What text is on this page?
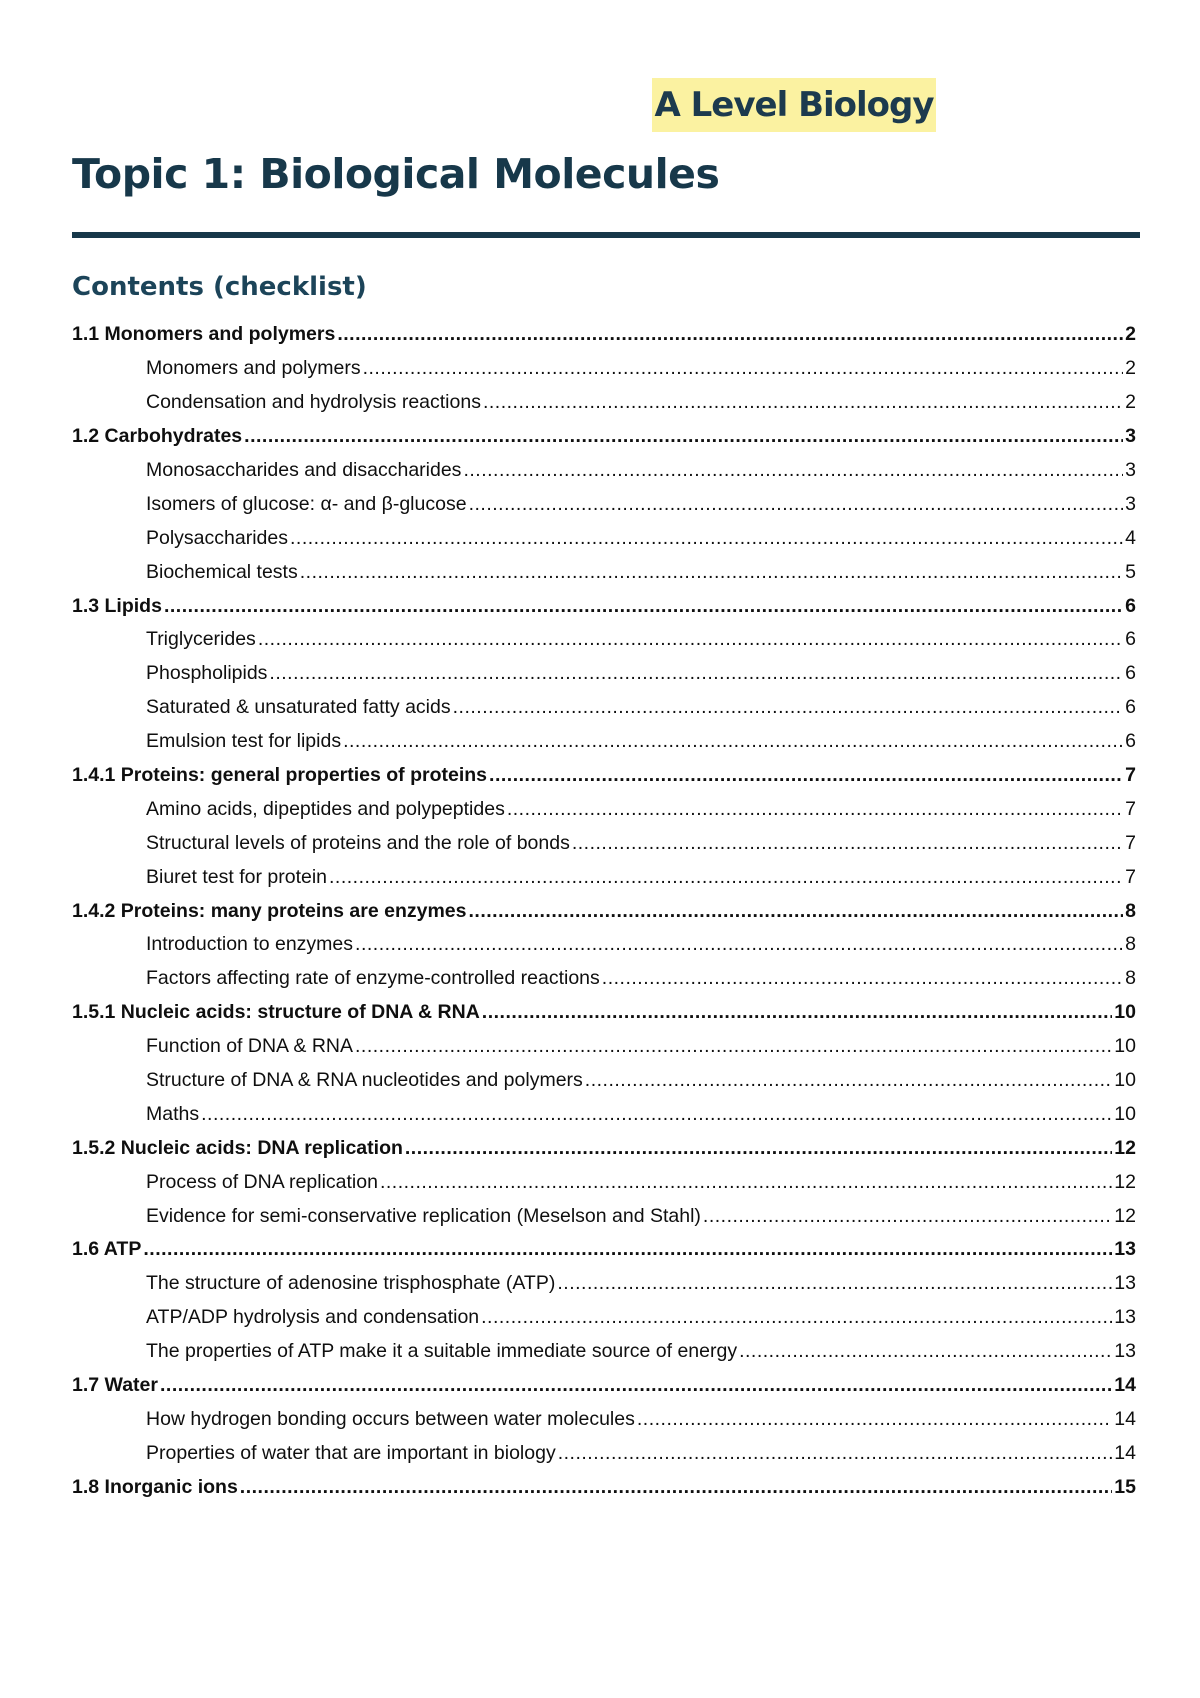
A Level Biology
Topic 1: Biological Molecules
Contents (checklist)
1.1 Monomers and polymers .....	2
Monomers and polymers .....	2
Condensation and hydrolysis reactions .....	2
1.2 Carbohydrates .....	3
Monosaccharides and disaccharides .....	3
Isomers of glucose: α- and β-glucose .....	3
Polysaccharides .....	4
Biochemical tests .....	5
1.3 Lipids .....	6
Triglycerides .....	6
Phospholipids .....	6
Saturated & unsaturated fatty acids .....	6
Emulsion test for lipids .....	6
1.4.1 Proteins: general properties of proteins .....	7
Amino acids, dipeptides and polypeptides .....	7
Structural levels of proteins and the role of bonds .....	7
Biuret test for protein .....	7
1.4.2 Proteins: many proteins are enzymes .....	8
Introduction to enzymes .....	8
Factors affecting rate of enzyme-controlled reactions .....	8
1.5.1 Nucleic acids: structure of DNA & RNA .....	10
Function of DNA & RNA .....	10
Structure of DNA & RNA nucleotides and polymers .....	10
Maths .....	10
1.5.2 Nucleic acids: DNA replication .....	12
Process of DNA replication .....	12
Evidence for semi-conservative replication (Meselson and Stahl) .....	12
1.6 ATP .....	13
The structure of adenosine trisphosphate (ATP) .....	13
ATP/ADP hydrolysis and condensation .....	13
The properties of ATP make it a suitable immediate source of energy .....	13
1.7 Water .....	14
How hydrogen bonding occurs between water molecules .....	14
Properties of water that are important in biology .....	14
1.8 Inorganic ions .....	15
